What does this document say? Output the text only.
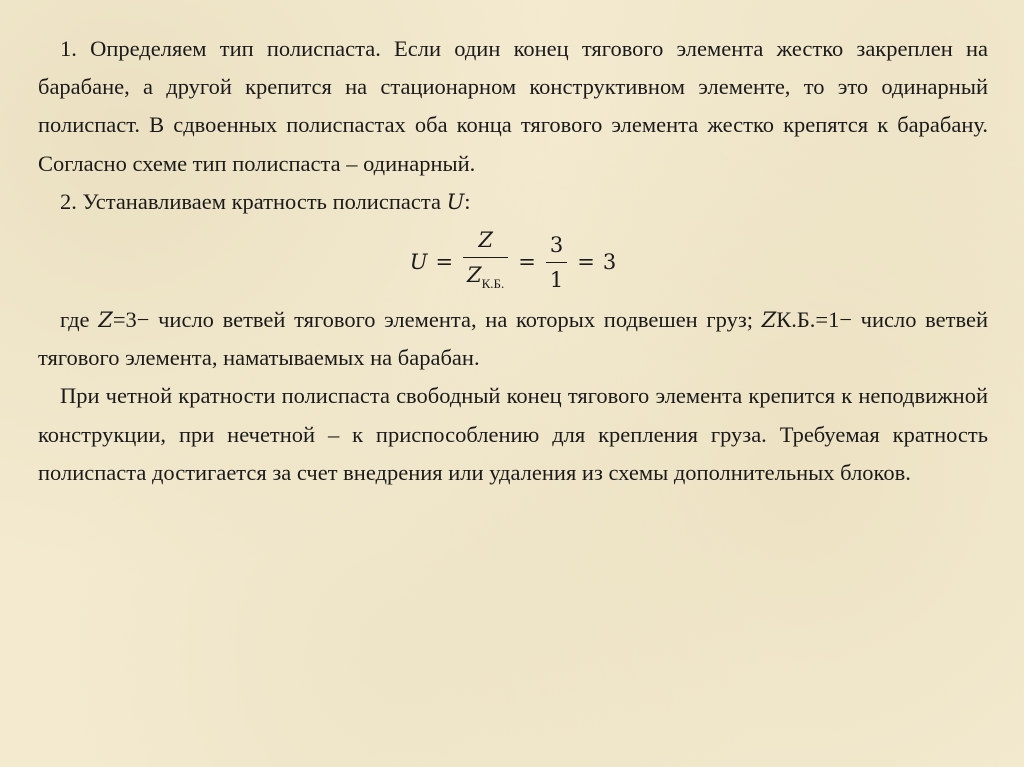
1. Определяем тип полиспаста. Если один конец тягового элемента жестко закреплен на барабане, а другой крепится на стационарном конструктивном элементе, то это одинарный полиспаст. В сдвоенных полиспастах оба конца тягового элемента жестко крепятся к барабану. Согласно схеме тип полиспаста – одинарный.

2. Устанавливаем кратность полиспаста U:

$U = \frac{Z}{Z_{К.Б.}} = \frac{3}{1} = 3$

где Z=3− число ветвей тягового элемента, на которых подвешен груз; ZК.Б.=1− число ветвей тягового элемента, наматываемых на барабан.

При четной кратности полиспаста свободный конец тягового элемента крепится к неподвижной конструкции, при нечетной – к приспособлению для крепления груза. Требуемая кратность полиспаста достигается за счет внедрения или удаления из схемы дополнительных блоков.
